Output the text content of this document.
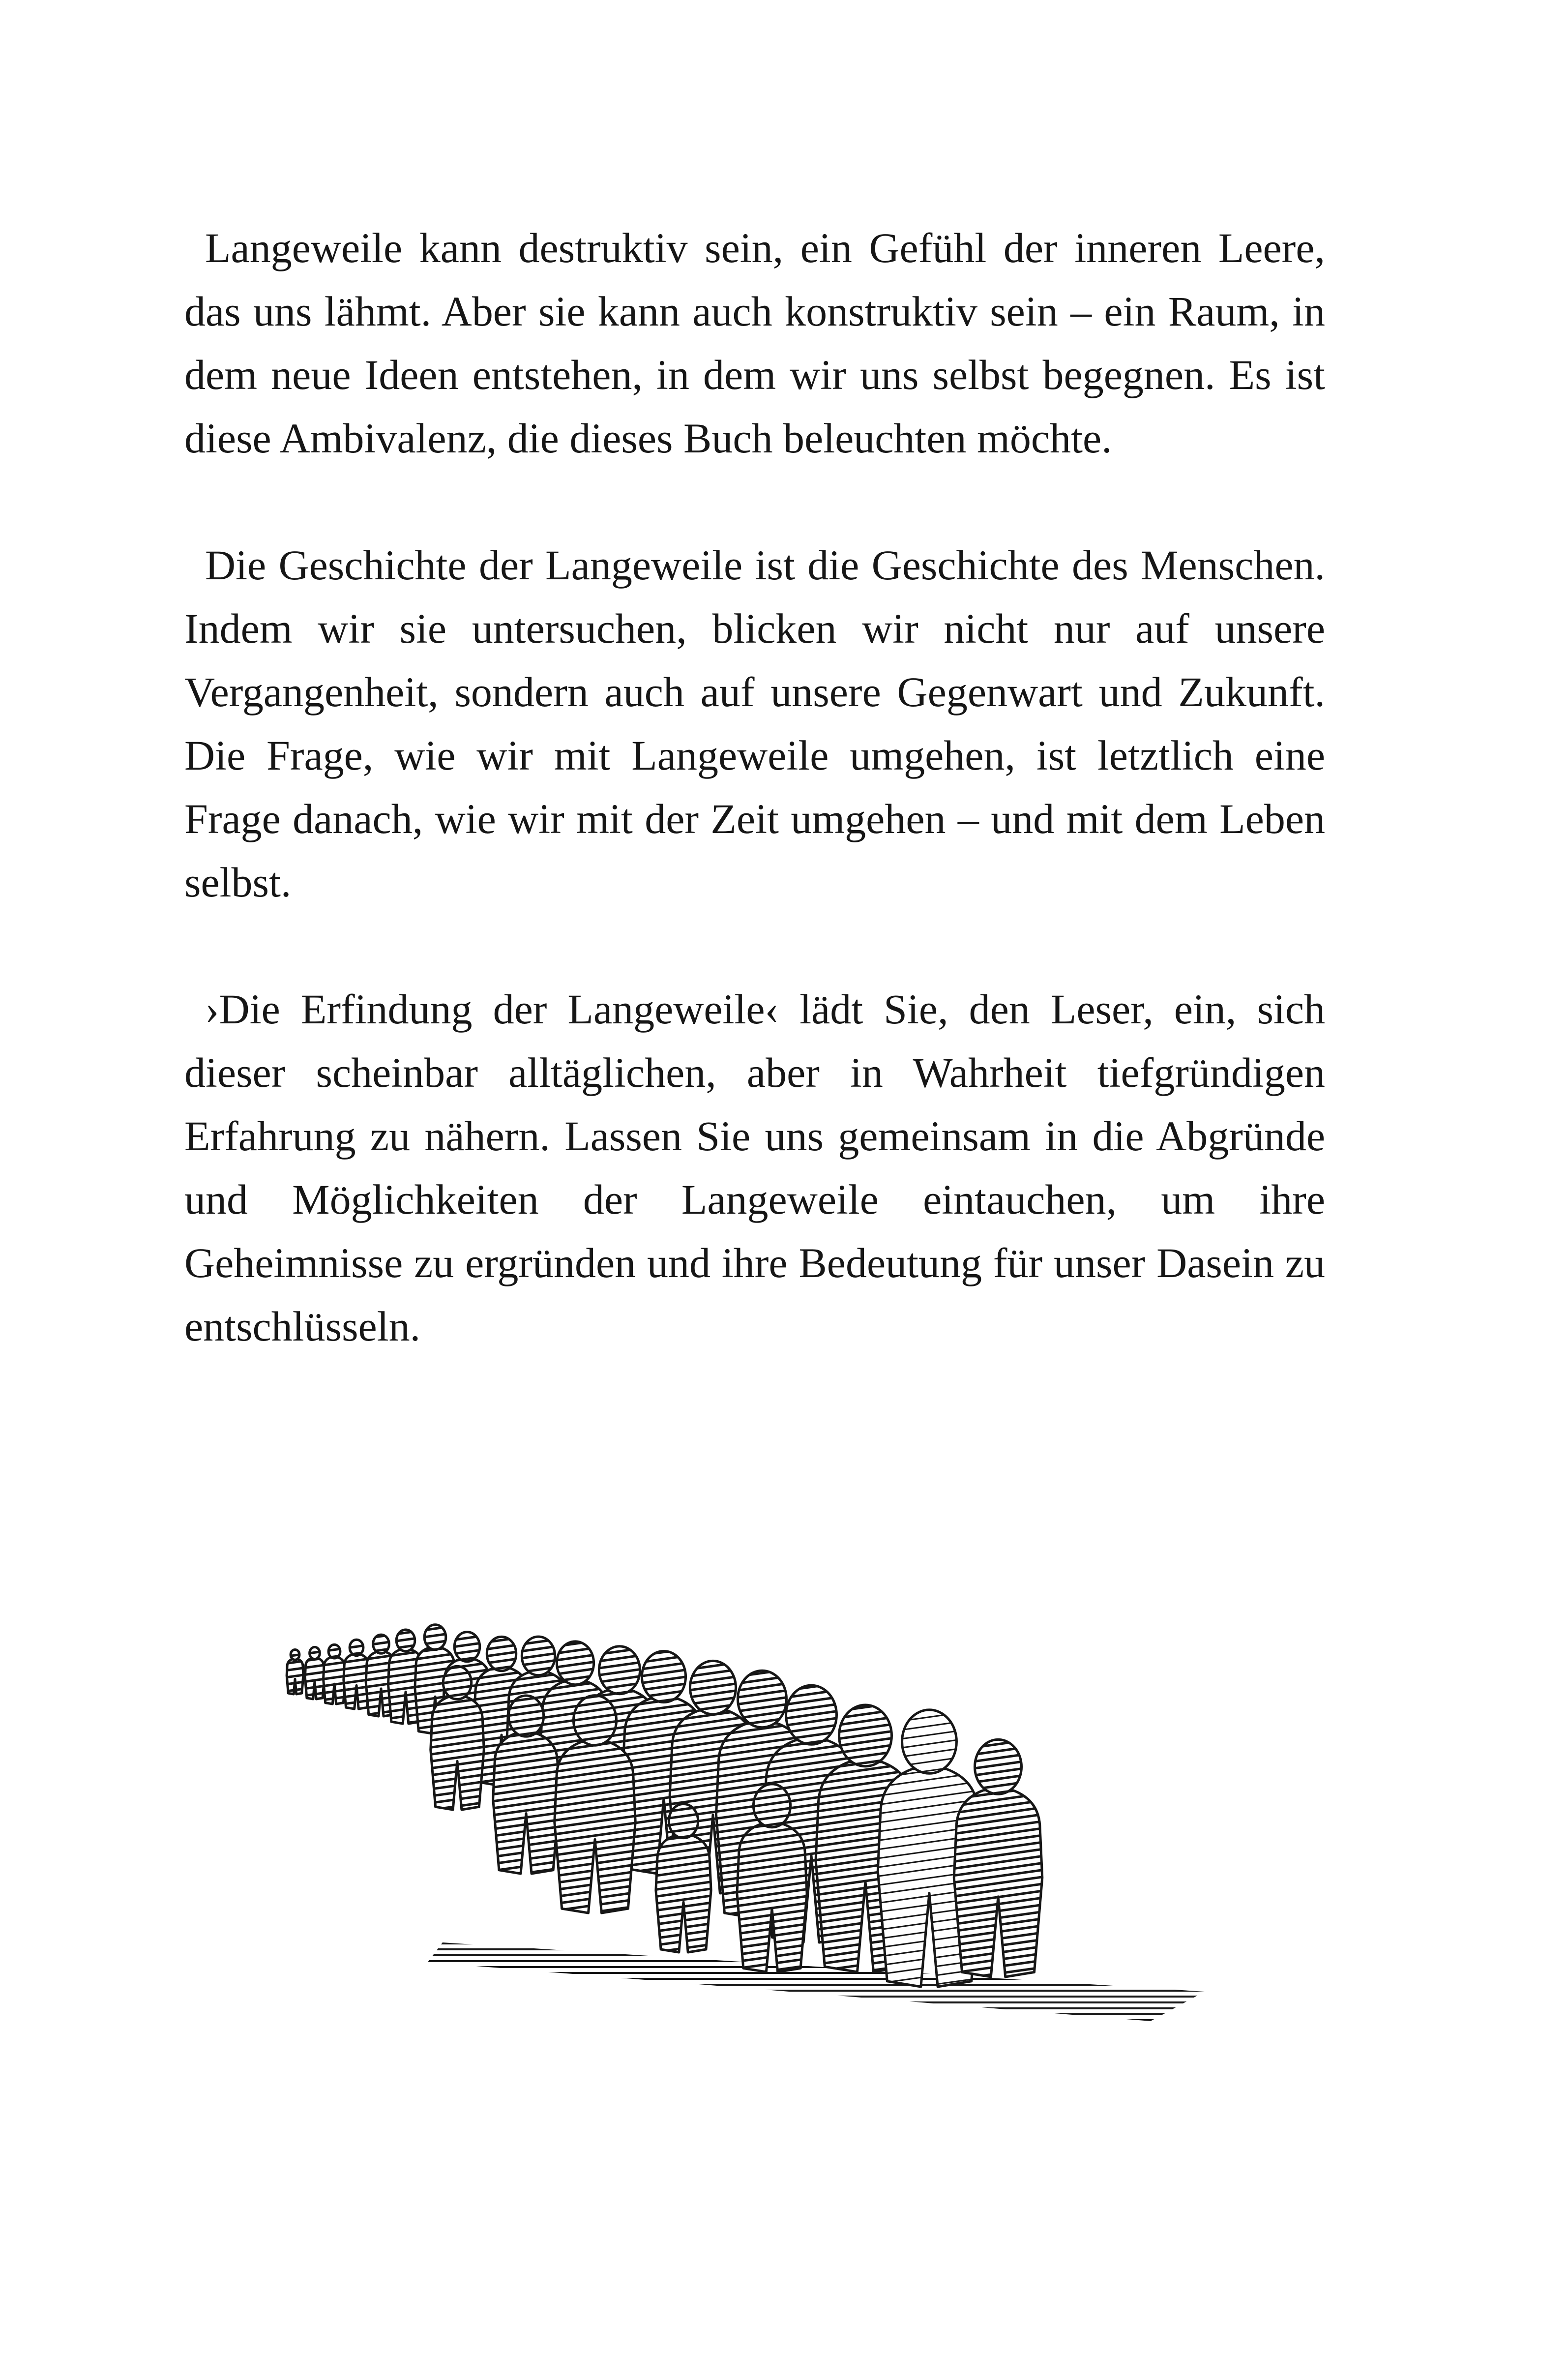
Langeweile kann destruktiv sein, ein Gefühl der inneren Leere, das uns lähmt. Aber sie kann auch konstruktiv sein – ein Raum, in dem neue Ideen entstehen, in dem wir uns selbst begegnen. Es ist diese Ambivalenz, die dieses Buch beleuchten möchte.

Die Geschichte der Langeweile ist die Geschichte des Menschen. Indem wir sie untersuchen, blicken wir nicht nur auf unsere Vergangenheit, sondern auch auf unsere Gegenwart und Zukunft. Die Frage, wie wir mit Langeweile umgehen, ist letztlich eine Frage danach, wie wir mit der Zeit umgehen – und mit dem Leben selbst.

›Die Erfindung der Langeweile‹ lädt Sie, den Leser, ein, sich dieser scheinbar alltäglichen, aber in Wahrheit tiefgründigen Erfahrung zu nähern. Lassen Sie uns gemeinsam in die Abgründe und Möglichkeiten der Langeweile eintauchen, um ihre Geheimnisse zu ergründen und ihre Bedeutung für unser Dasein zu entschlüsseln.
